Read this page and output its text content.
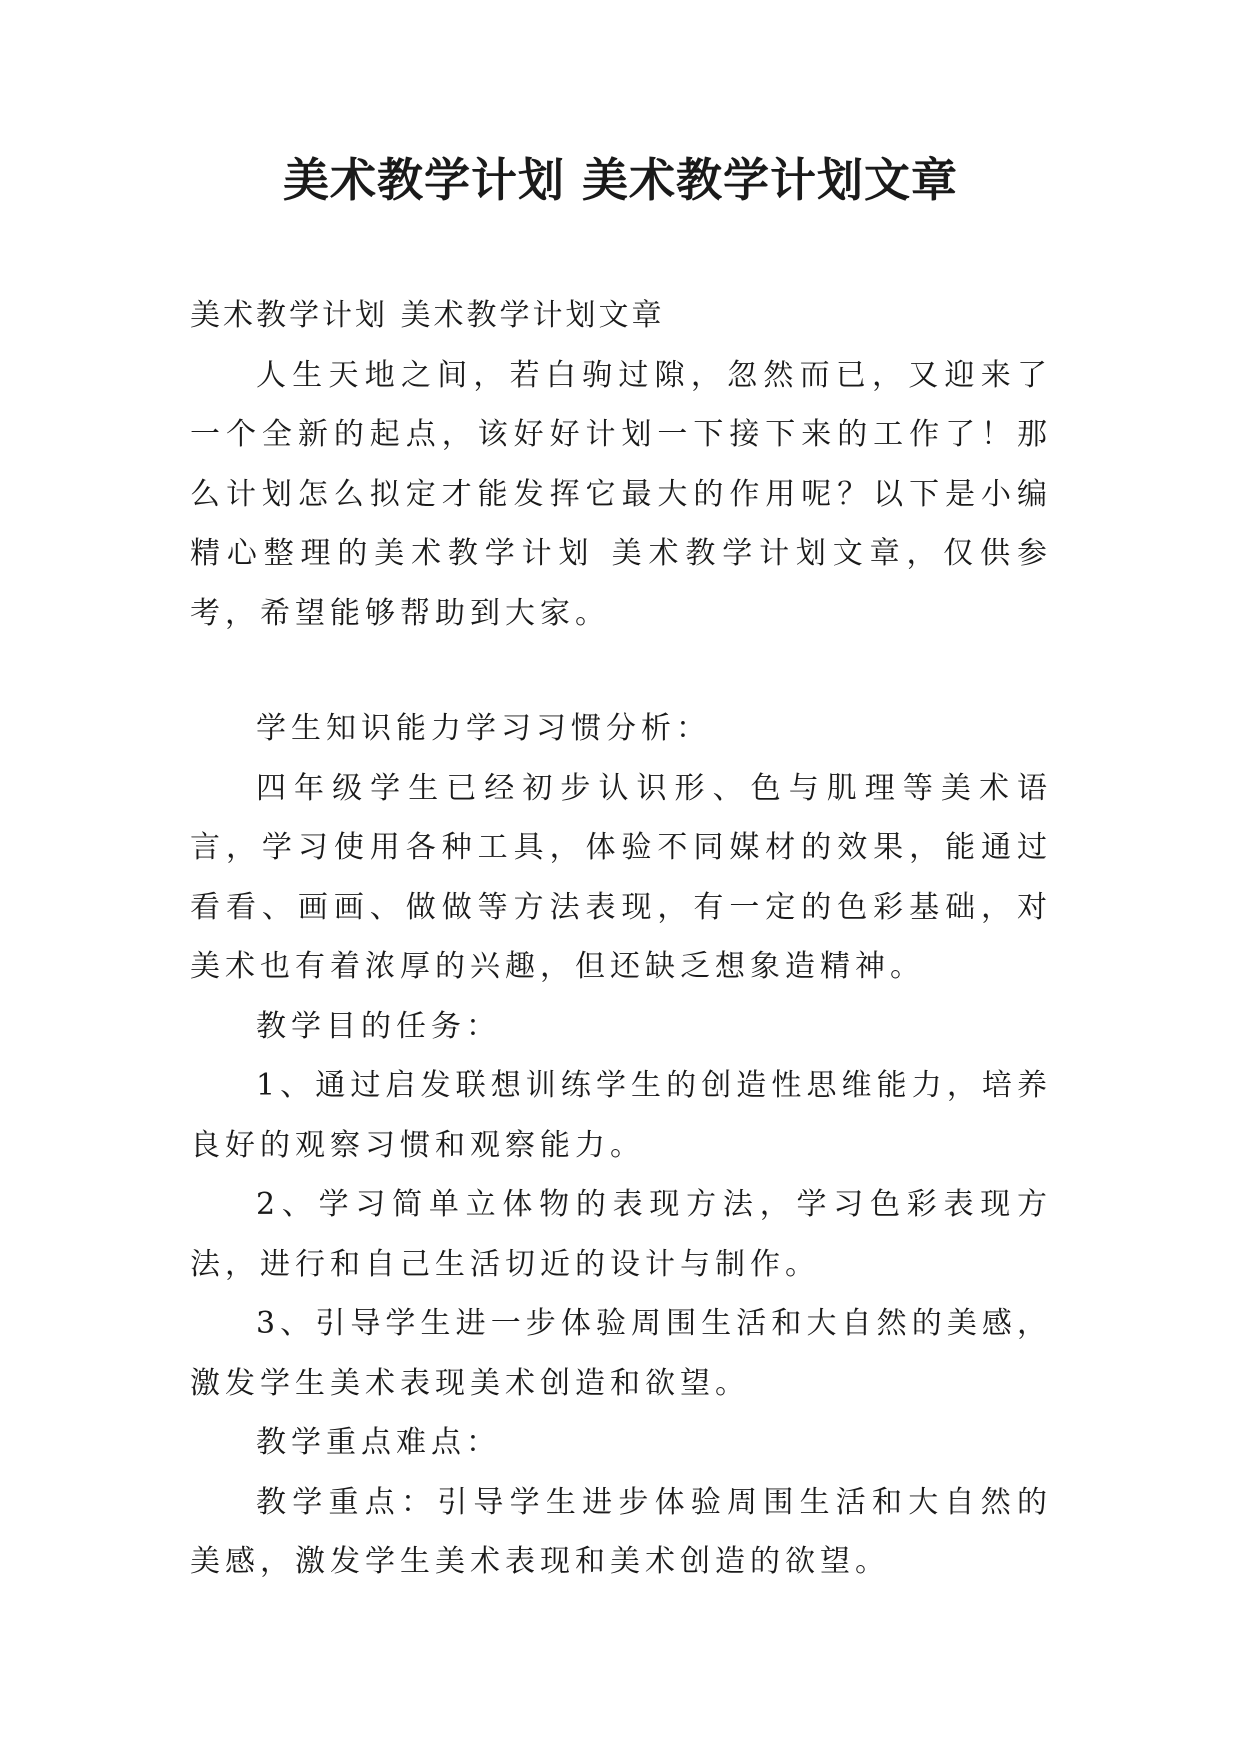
美术教学计划 美术教学计划文章

美术教学计划 美术教学计划文章

人生天地之间，若白驹过隙，忽然而已，又迎来了一个全新的起点，该好好计划一下接下来的工作了！那么计划怎么拟定才能发挥它最大的作用呢？以下是小编精心整理的美术教学计划 美术教学计划文章，仅供参考，希望能够帮助到大家。

学生知识能力学习习惯分析：

四年级学生已经初步认识形、色与肌理等美术语言，学习使用各种工具，体验不同媒材的效果，能通过看看、画画、做做等方法表现，有一定的色彩基础，对美术也有着浓厚的兴趣，但还缺乏想象造精神。

教学目的任务：

1、通过启发联想训练学生的创造性思维能力，培养良好的观察习惯和观察能力。

2、学习简单立体物的表现方法，学习色彩表现方法，进行和自己生活切近的设计与制作。

3、引导学生进一步体验周围生活和大自然的美感，激发学生美术表现美术创造和欲望。

教学重点难点：

教学重点：引导学生进步体验周围生活和大自然的美感，激发学生美术表现和美术创造的欲望。
